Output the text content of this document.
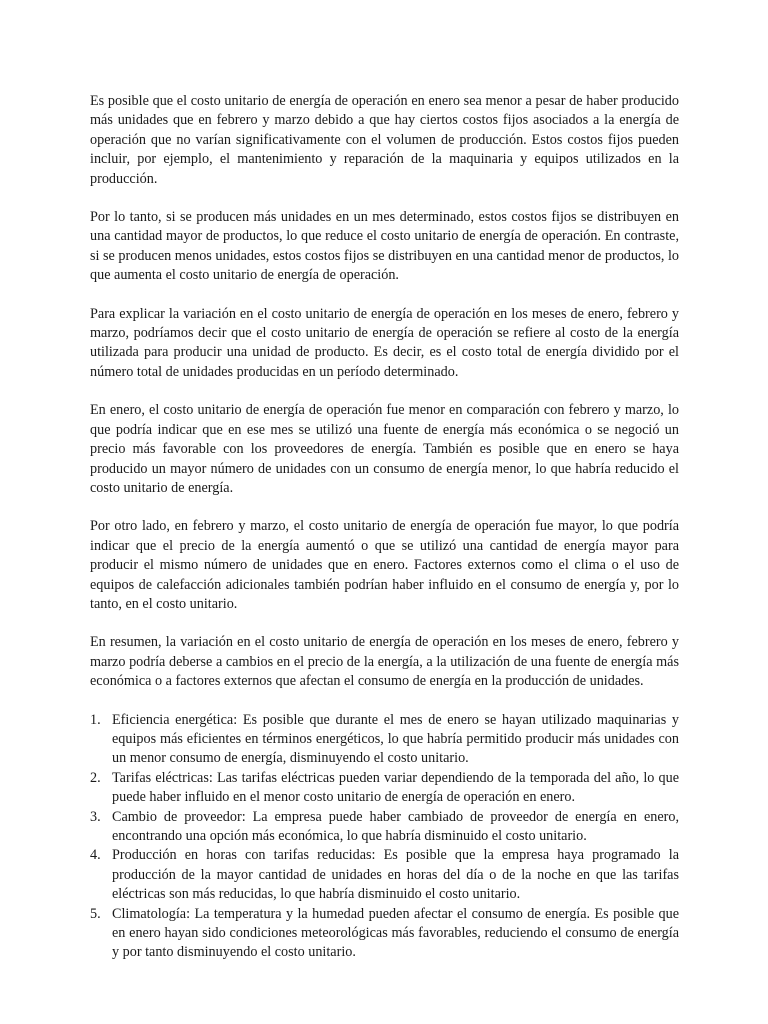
Es posible que el costo unitario de energía de operación en enero sea menor a pesar de haber producido más unidades que en febrero y marzo debido a que hay ciertos costos fijos asociados a la energía de operación que no varían significativamente con el volumen de producción. Estos costos fijos pueden incluir, por ejemplo, el mantenimiento y reparación de la maquinaria y equipos utilizados en la producción.

Por lo tanto, si se producen más unidades en un mes determinado, estos costos fijos se distribuyen en una cantidad mayor de productos, lo que reduce el costo unitario de energía de operación. En contraste, si se producen menos unidades, estos costos fijos se distribuyen en una cantidad menor de productos, lo que aumenta el costo unitario de energía de operación.

Para explicar la variación en el costo unitario de energía de operación en los meses de enero, febrero y marzo, podríamos decir que el costo unitario de energía de operación se refiere al costo de la energía utilizada para producir una unidad de producto. Es decir, es el costo total de energía dividido por el número total de unidades producidas en un período determinado.

En enero, el costo unitario de energía de operación fue menor en comparación con febrero y marzo, lo que podría indicar que en ese mes se utilizó una fuente de energía más económica o se negoció un precio más favorable con los proveedores de energía. También es posible que en enero se haya producido un mayor número de unidades con un consumo de energía menor, lo que habría reducido el costo unitario de energía.

Por otro lado, en febrero y marzo, el costo unitario de energía de operación fue mayor, lo que podría indicar que el precio de la energía aumentó o que se utilizó una cantidad de energía mayor para producir el mismo número de unidades que en enero. Factores externos como el clima o el uso de equipos de calefacción adicionales también podrían haber influido en el consumo de energía y, por lo tanto, en el costo unitario.

En resumen, la variación en el costo unitario de energía de operación en los meses de enero, febrero y marzo podría deberse a cambios en el precio de la energía, a la utilización de una fuente de energía más económica o a factores externos que afectan el consumo de energía en la producción de unidades.

1. Eficiencia energética: Es posible que durante el mes de enero se hayan utilizado maquinarias y equipos más eficientes en términos energéticos, lo que habría permitido producir más unidades con un menor consumo de energía, disminuyendo el costo unitario.
2. Tarifas eléctricas: Las tarifas eléctricas pueden variar dependiendo de la temporada del año, lo que puede haber influido en el menor costo unitario de energía de operación en enero.
3. Cambio de proveedor: La empresa puede haber cambiado de proveedor de energía en enero, encontrando una opción más económica, lo que habría disminuido el costo unitario.
4. Producción en horas con tarifas reducidas: Es posible que la empresa haya programado la producción de la mayor cantidad de unidades en horas del día o de la noche en que las tarifas eléctricas son más reducidas, lo que habría disminuido el costo unitario.
5. Climatología: La temperatura y la humedad pueden afectar el consumo de energía. Es posible que en enero hayan sido condiciones meteorológicas más favorables, reduciendo el consumo de energía y por tanto disminuyendo el costo unitario.
